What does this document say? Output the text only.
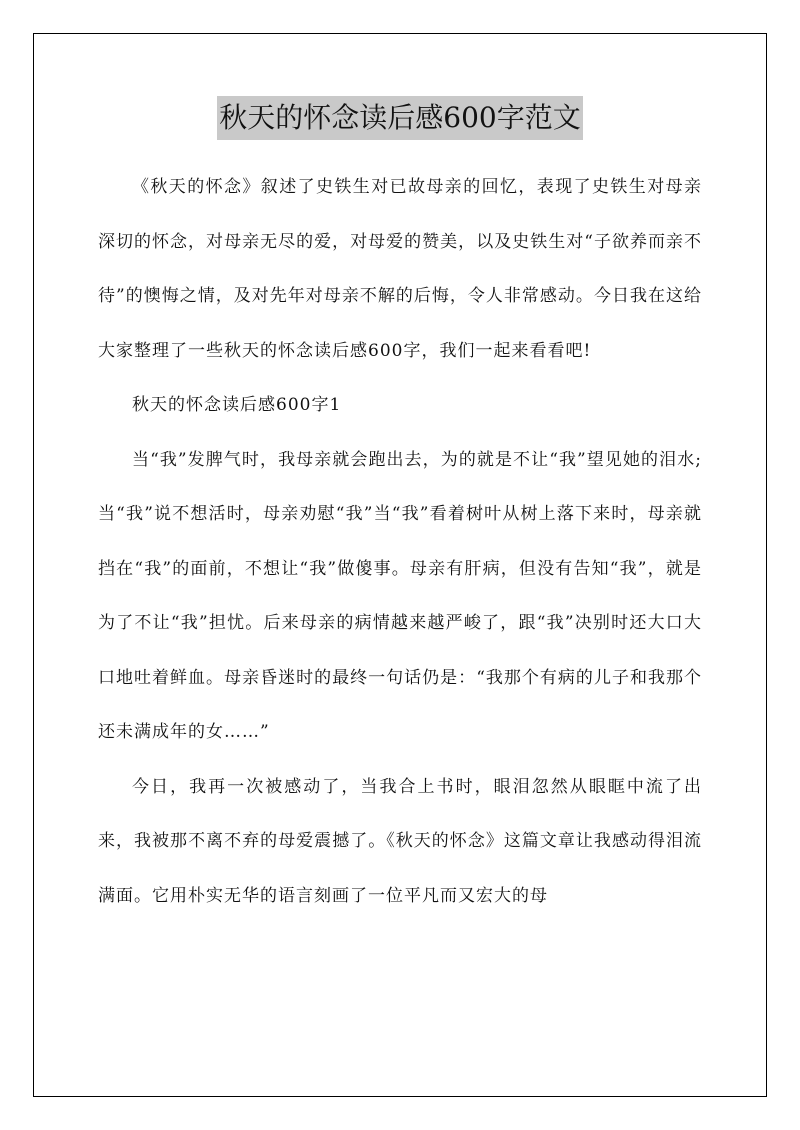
秋天的怀念读后感600字范文

《秋天的怀念》叙述了史铁生对已故母亲的回忆，表现了史铁生对母亲深切的怀念，对母亲无尽的爱，对母爱的赞美，以及史铁生对“子欲养而亲不待”的懊悔之情，及对先年对母亲不解的后悔，令人非常感动。今日我在这给大家整理了一些秋天的怀念读后感600字，我们一起来看看吧!

秋天的怀念读后感600字1

当“我”发脾气时，我母亲就会跑出去，为的就是不让“我”望见她的泪水;当“我”说不想活时，母亲劝慰“我”当“我”看着树叶从树上落下来时，母亲就挡在“我”的面前，不想让“我”做傻事。母亲有肝病，但没有告知“我”，就是为了不让“我”担忧。后来母亲的病情越来越严峻了，跟“我”决别时还大口大口地吐着鲜血。母亲昏迷时的最终一句话仍是：“我那个有病的儿子和我那个还未满成年的女……”

今日，我再一次被感动了，当我合上书时，眼泪忽然从眼眶中流了出来，我被那不离不弃的母爱震撼了。《秋天的怀念》这篇文章让我感动得泪流满面。它用朴实无华的语言刻画了一位平凡而又宏大的母
